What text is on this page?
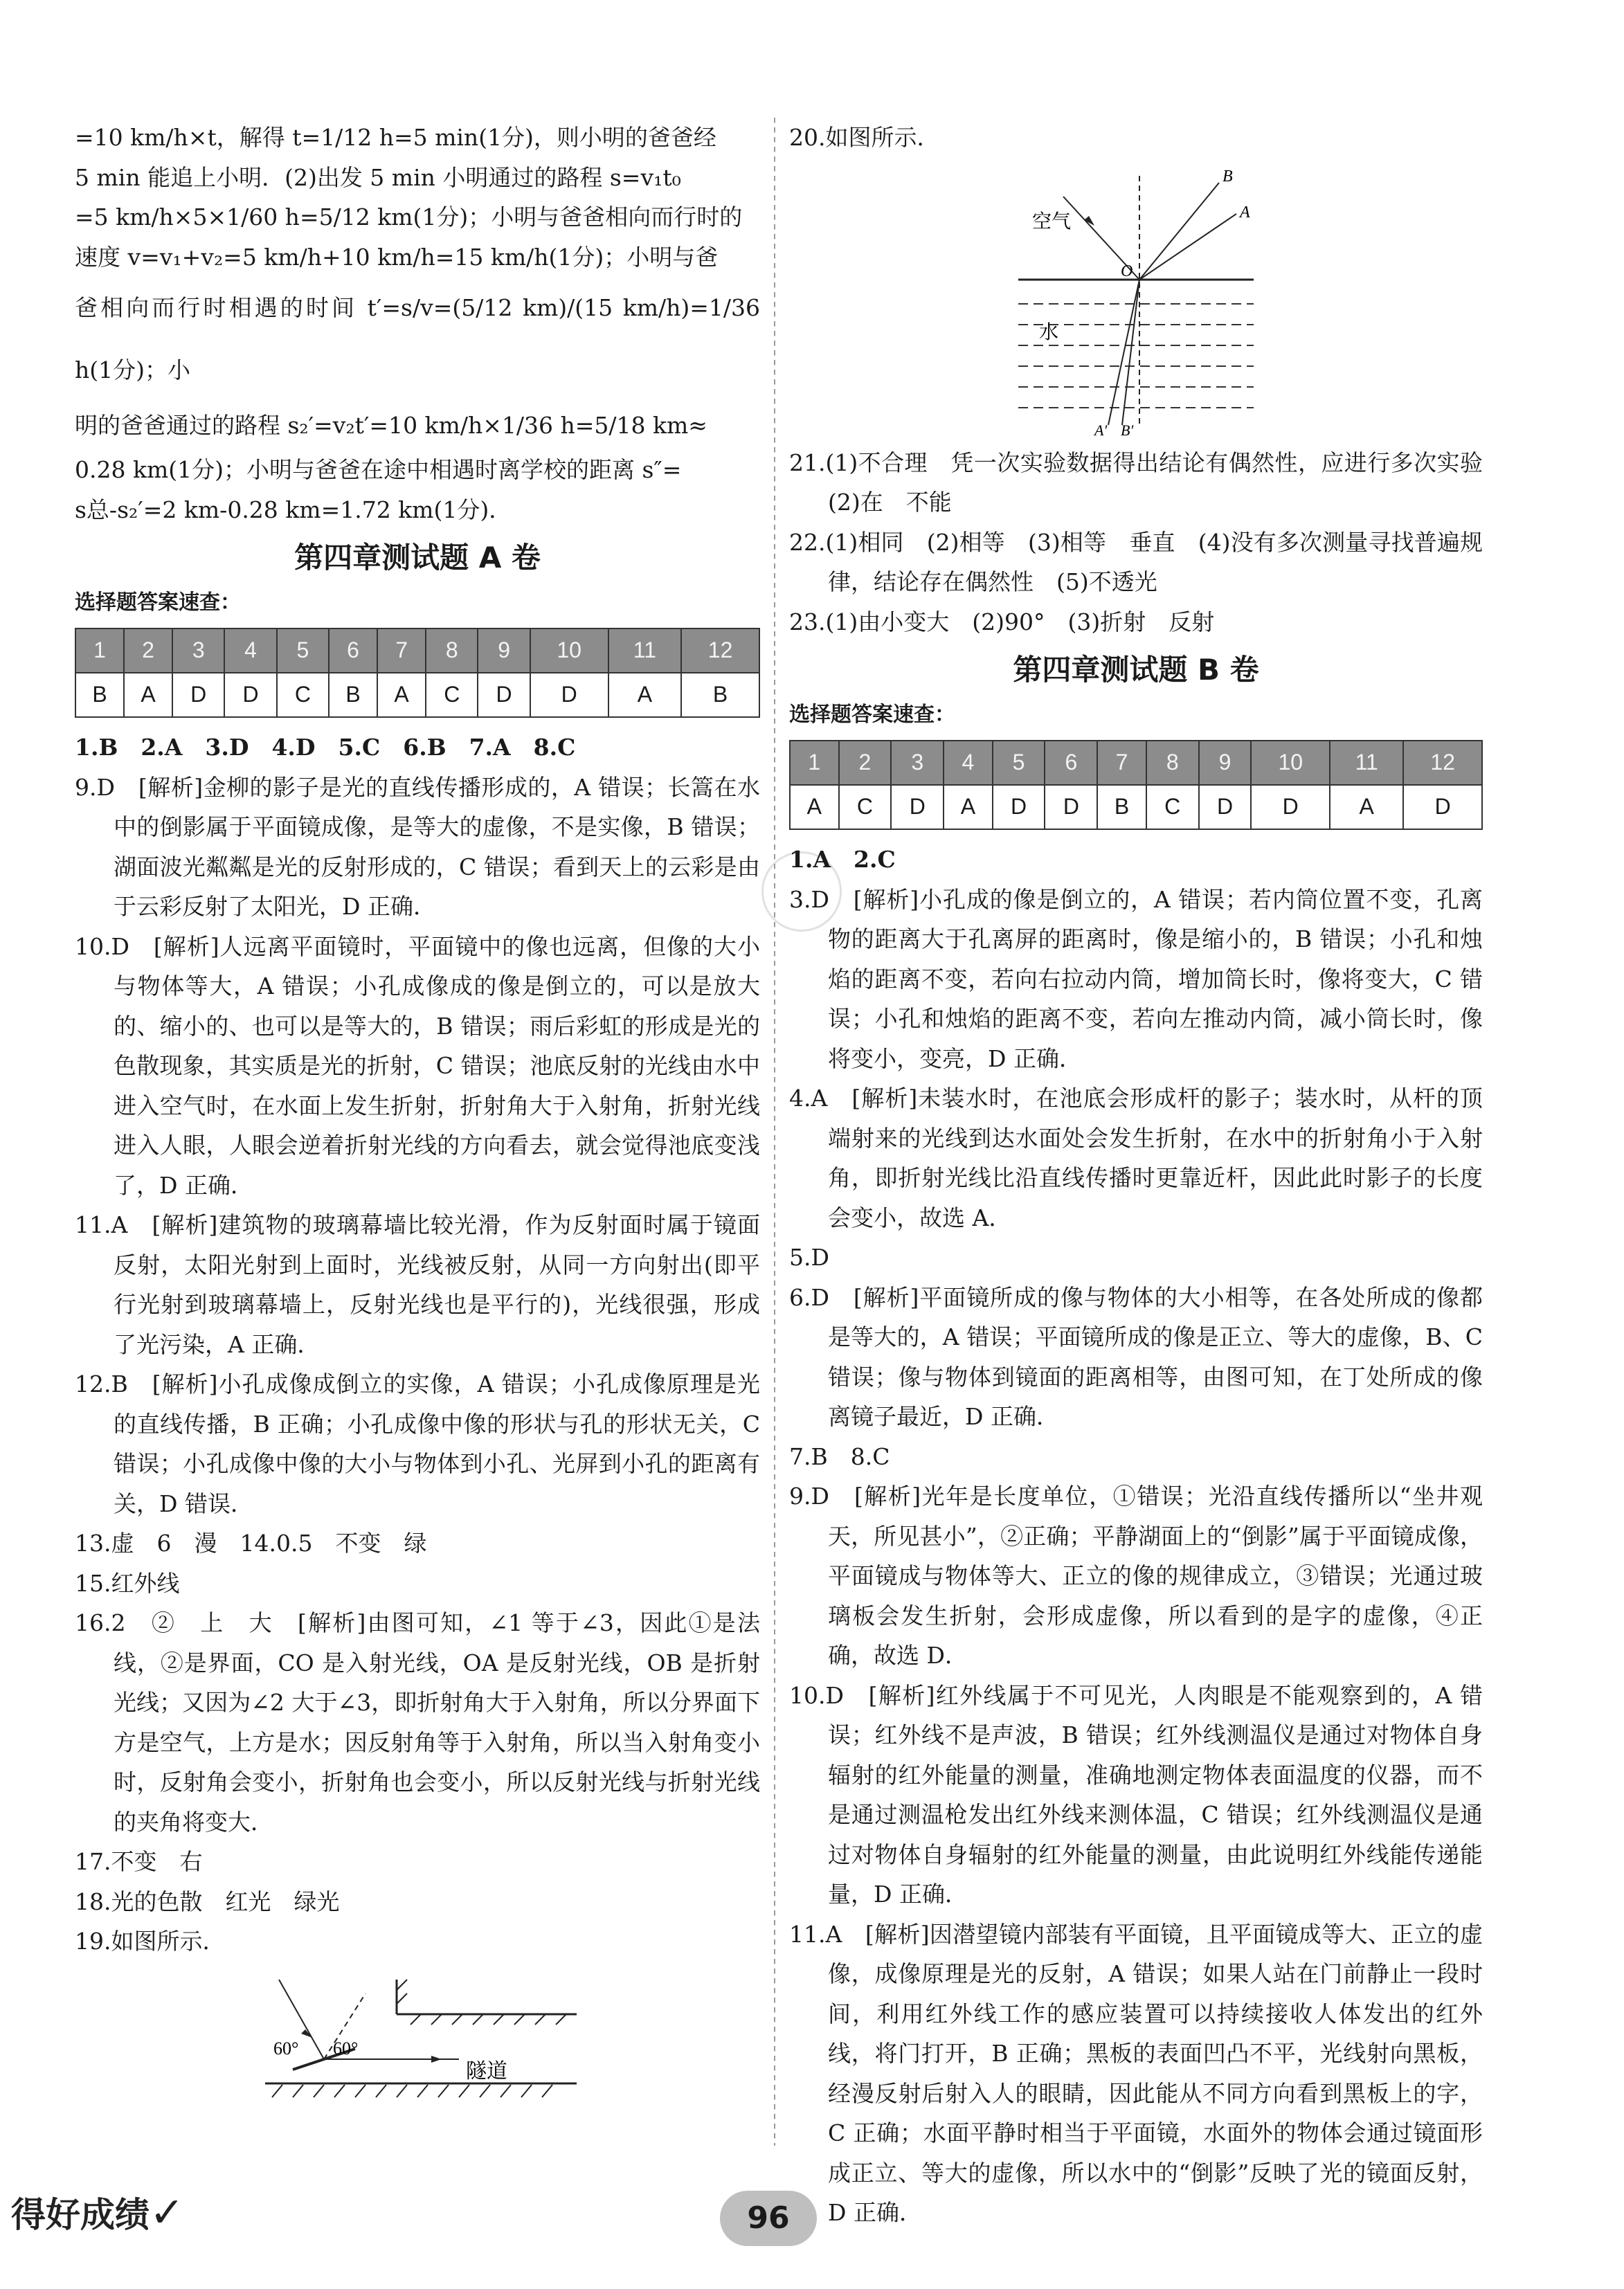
=10 km/h×t，解得 t=1/12 h=5 min(1分)，则小明的爸爸经

5 min 能追上小明．(2)出发 5 min 小明通过的路程 s=v₁t₀

=5 km/h×5×1/60 h=5/12 km(1分)；小明与爸爸相向而行时的

速度 v=v₁+v₂=5 km/h+10 km/h=15 km/h(1分)；小明与爸

爸相向而行时相遇的时间 t′=s/v=(5/12 km)/(15 km/h)=1/36 h(1分)；小

明的爸爸通过的路程 s₂′=v₂t′=10 km/h×1/36 h=5/18 km≈

0.28 km(1分)；小明与爸爸在途中相遇时离学校的距离 s″=

s总-s₂′=2 km-0.28 km=1.72 km(1分)．

第四章测试题 A 卷
选择题答案速查：
1	2	3	4	5	6	7	8	9	10	11	12
B	A	D	D	C	B	A	C	D	D	A	B

1.B　2.A　3.D　4.D　5.C　6.B　7.A　8.C

9.D　[解析]金柳的影子是光的直线传播形成的，A 错误；长篙在水中的倒影属于平面镜成像，是等大的虚像，不是实像，B 错误；湖面波光粼粼是光的反射形成的，C 错误；看到天上的云彩是由于云彩反射了太阳光，D 正确．

10.D　[解析]人远离平面镜时，平面镜中的像也远离，但像的大小与物体等大，A 错误；小孔成像成的像是倒立的，可以是放大的、缩小的、也可以是等大的，B 错误；雨后彩虹的形成是光的色散现象，其实质是光的折射，C 错误；池底反射的光线由水中进入空气时，在水面上发生折射，折射角大于入射角，折射光线进入人眼，人眼会逆着折射光线的方向看去，就会觉得池底变浅了，D 正确．

11.A　[解析]建筑物的玻璃幕墙比较光滑，作为反射面时属于镜面反射，太阳光射到上面时，光线被反射，从同一方向射出(即平行光射到玻璃幕墙上，反射光线也是平行的)，光线很强，形成了光污染，A 正确．

12.B　[解析]小孔成像成倒立的实像，A 错误；小孔成像原理是光的直线传播，B 正确；小孔成像中像的形状与孔的形状无关，C 错误；小孔成像中像的大小与物体到小孔、光屏到小孔的距离有关，D 错误．

13.虚　6　漫　14.0.5　不变　绿

15.红外线

16.2　②　上　大　[解析]由图可知，∠1 等于∠3，因此①是法线，②是界面，CO 是入射光线，OA 是反射光线，OB 是折射光线；又因为∠2 大于∠3，即折射角大于入射角，所以分界面下方是空气，上方是水；因反射角等于入射角，所以当入射角变小时，反射角会变小，折射角也会变小，所以反射光线与折射光线的夹角将变大．

17.不变　右

18.光的色散　红光　绿光

19.如图所示．

60° 60°
隧道

20.如图所示．

空气
水
O
A
B
A′ B′

21.(1)不合理　凭一次实验数据得出结论有偶然性，应进行多次实验　(2)在　不能

22.(1)相同　(2)相等　(3)相等　垂直　(4)没有多次测量寻找普遍规律，结论存在偶然性　(5)不透光

23.(1)由小变大　(2)90°　(3)折射　反射

第四章测试题 B 卷
选择题答案速查：
1	2	3	4	5	6	7	8	9	10	11	12
A	C	D	A	D	D	B	C	D	D	A	D

1.A　2.C

3.D　[解析]小孔成的像是倒立的，A 错误；若内筒位置不变，孔离物的距离大于孔离屏的距离时，像是缩小的，B 错误；小孔和烛焰的距离不变，若向右拉动内筒，增加筒长时，像将变大，C 错误；小孔和烛焰的距离不变，若向左推动内筒，减小筒长时，像将变小，变亮，D 正确．

4.A　[解析]未装水时，在池底会形成杆的影子；装水时，从杆的顶端射来的光线到达水面处会发生折射，在水中的折射角小于入射角，即折射光线比沿直线传播时更靠近杆，因此此时影子的长度会变小，故选 A．

5.D

6.D　[解析]平面镜所成的像与物体的大小相等，在各处所成的像都是等大的，A 错误；平面镜所成的像是正立、等大的虚像，B、C 错误；像与物体到镜面的距离相等，由图可知，在丁处所成的像离镜子最近，D 正确．

7.B　8.C

9.D　[解析]光年是长度单位，①错误；光沿直线传播所以“坐井观天，所见甚小”，②正确；平静湖面上的“倒影”属于平面镜成像，平面镜成与物体等大、正立的像的规律成立，③错误；光通过玻璃板会发生折射，会形成虚像，所以看到的是字的虚像，④正确，故选 D．

10.D　[解析]红外线属于不可见光，人肉眼是不能观察到的，A 错误；红外线不是声波，B 错误；红外线测温仪是通过对物体自身辐射的红外能量的测量，准确地测定物体表面温度的仪器，而不是通过测温枪发出红外线来测体温，C 错误；红外线测温仪是通过对物体自身辐射的红外能量的测量，由此说明红外线能传递能量，D 正确．

11.A　[解析]因潜望镜内部装有平面镜，且平面镜成等大、正立的虚像，成像原理是光的反射，A 错误；如果人站在门前静止一段时间，利用红外线工作的感应装置可以持续接收人体发出的红外线，将门打开，B 正确；黑板的表面凹凸不平，光线射向黑板，经漫反射后射入人的眼睛，因此能从不同方向看到黑板上的字，C 正确；水面平静时相当于平面镜，水面外的物体会通过镜面形成正立、等大的虚像，所以水中的“倒影”反映了光的镜面反射，D 正确．

得好成绩✓	96
